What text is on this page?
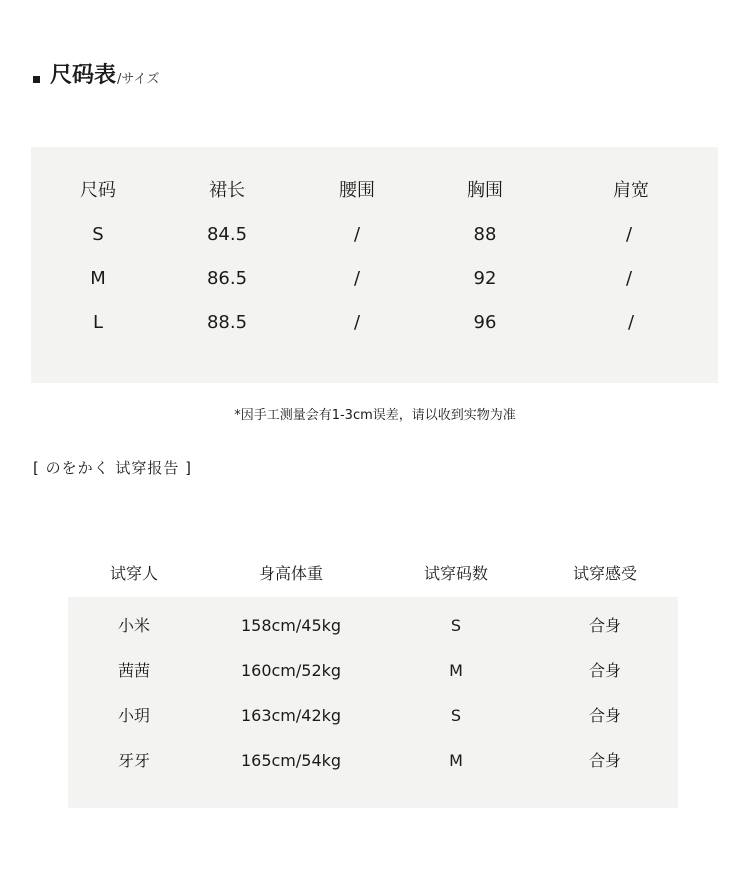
尺码表 /サイズ
尺码	裙长	腰围	胸围	肩宽
S	84.5	/	88	/
M	86.5	/	92	/
L	88.5	/	96	/
*因手工测量会有1-3cm误差，请以收到实物为准
[ のをかく 试穿报告 ]
试穿人	身高体重	试穿码数	试穿感受
小米	158cm/45kg	S	合身
茜茜	160cm/52kg	M	合身
小玥	163cm/42kg	S	合身
牙牙	165cm/54kg	M	合身
